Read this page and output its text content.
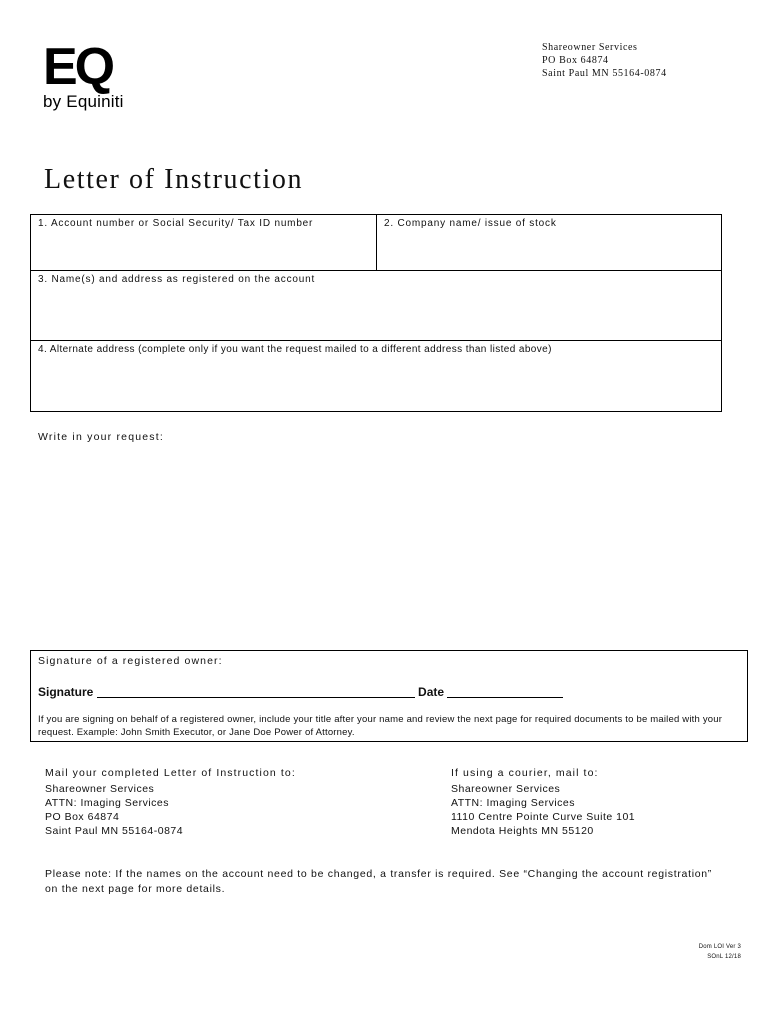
EQ
by Equiniti
Shareowner Services
PO Box 64874
Saint Paul MN 55164-0874
Letter of Instruction
1. Account number or Social Security/ Tax ID number	2. Company name/ issue of stock
3. Name(s) and address as registered on the account
4. Alternate address (complete only if you want the request mailed to a different address than listed above)
Write in your request:
Signature of a registered owner:
Signature	Date
If you are signing on behalf of a registered owner, include your title after your name and review the next page for required documents to be mailed with your request. Example: John Smith Executor, or Jane Doe Power of Attorney.
Mail your completed Letter of Instruction to:
Shareowner Services
ATTN: Imaging Services
PO Box 64874
Saint Paul MN 55164-0874
If using a courier, mail to:
Shareowner Services
ATTN: Imaging Services
1110 Centre Pointe Curve Suite 101
Mendota Heights MN 55120
Please note: If the names on the account need to be changed, a transfer is required. See “Changing the account registration” on the next page for more details.
Dom LOI Ver 3
SOnL 12/18
